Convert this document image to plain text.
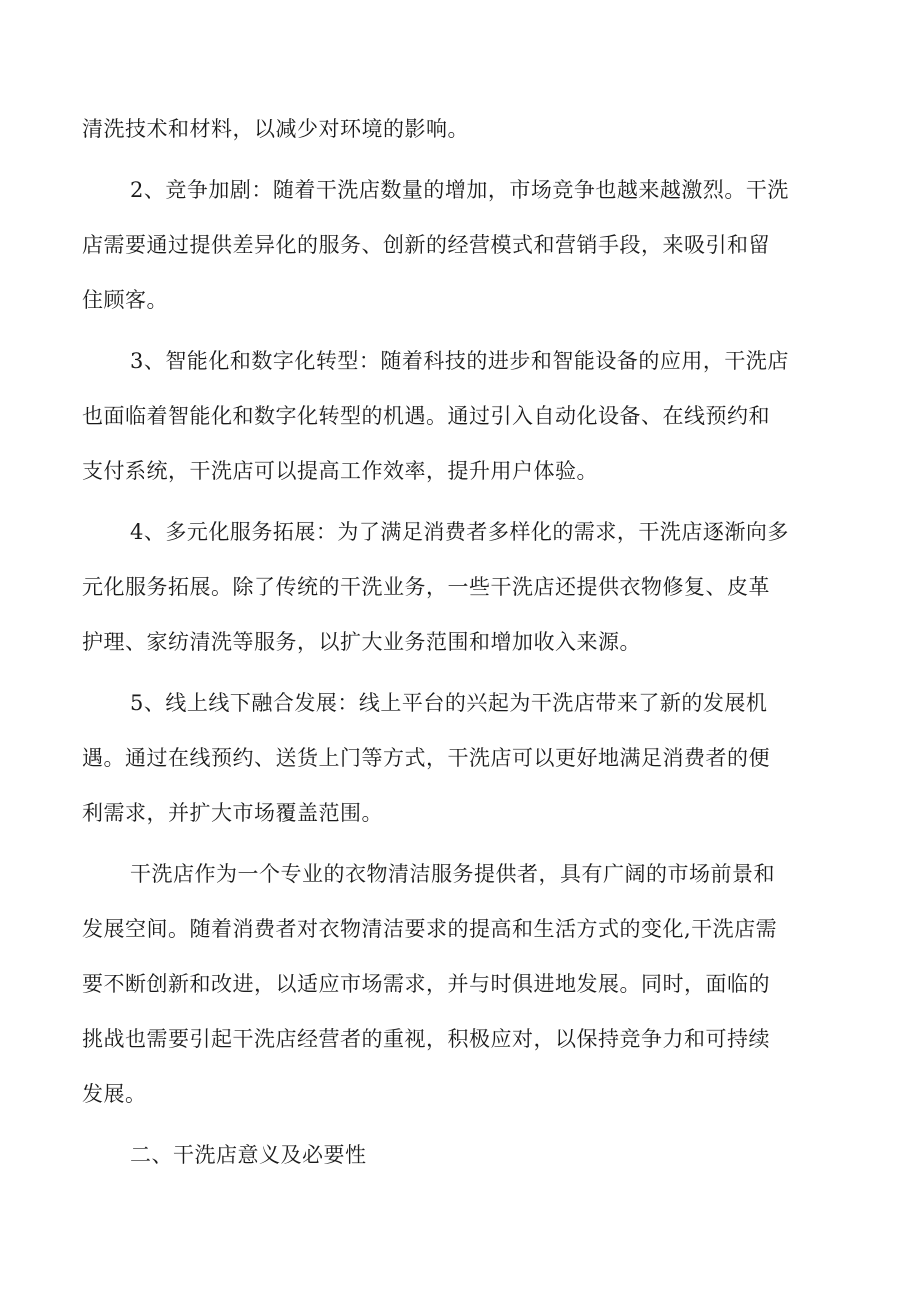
清洗技术和材料，以减少对环境的影响。
2、竞争加剧：随着干洗店数量的增加，市场竞争也越来越激烈。干洗
店需要通过提供差异化的服务、创新的经营模式和营销手段，来吸引和留
住顾客。
3、智能化和数字化转型：随着科技的进步和智能设备的应用，干洗店
也面临着智能化和数字化转型的机遇。通过引入自动化设备、在线预约和
支付系统，干洗店可以提高工作效率，提升用户体验。
4、多元化服务拓展：为了满足消费者多样化的需求，干洗店逐渐向多
元化服务拓展。除了传统的干洗业务，一些干洗店还提供衣物修复、皮革
护理、家纺清洗等服务，以扩大业务范围和增加收入来源。
5、线上线下融合发展：线上平台的兴起为干洗店带来了新的发展机
遇。通过在线预约、送货上门等方式，干洗店可以更好地满足消费者的便
利需求，并扩大市场覆盖范围。
干洗店作为一个专业的衣物清洁服务提供者，具有广阔的市场前景和
发展空间。随着消费者对衣物清洁要求的提高和生活方式的变化,干洗店需
要不断创新和改进，以适应市场需求，并与时俱进地发展。同时，面临的
挑战也需要引起干洗店经营者的重视，积极应对，以保持竞争力和可持续
发展。
二、干洗店意义及必要性
